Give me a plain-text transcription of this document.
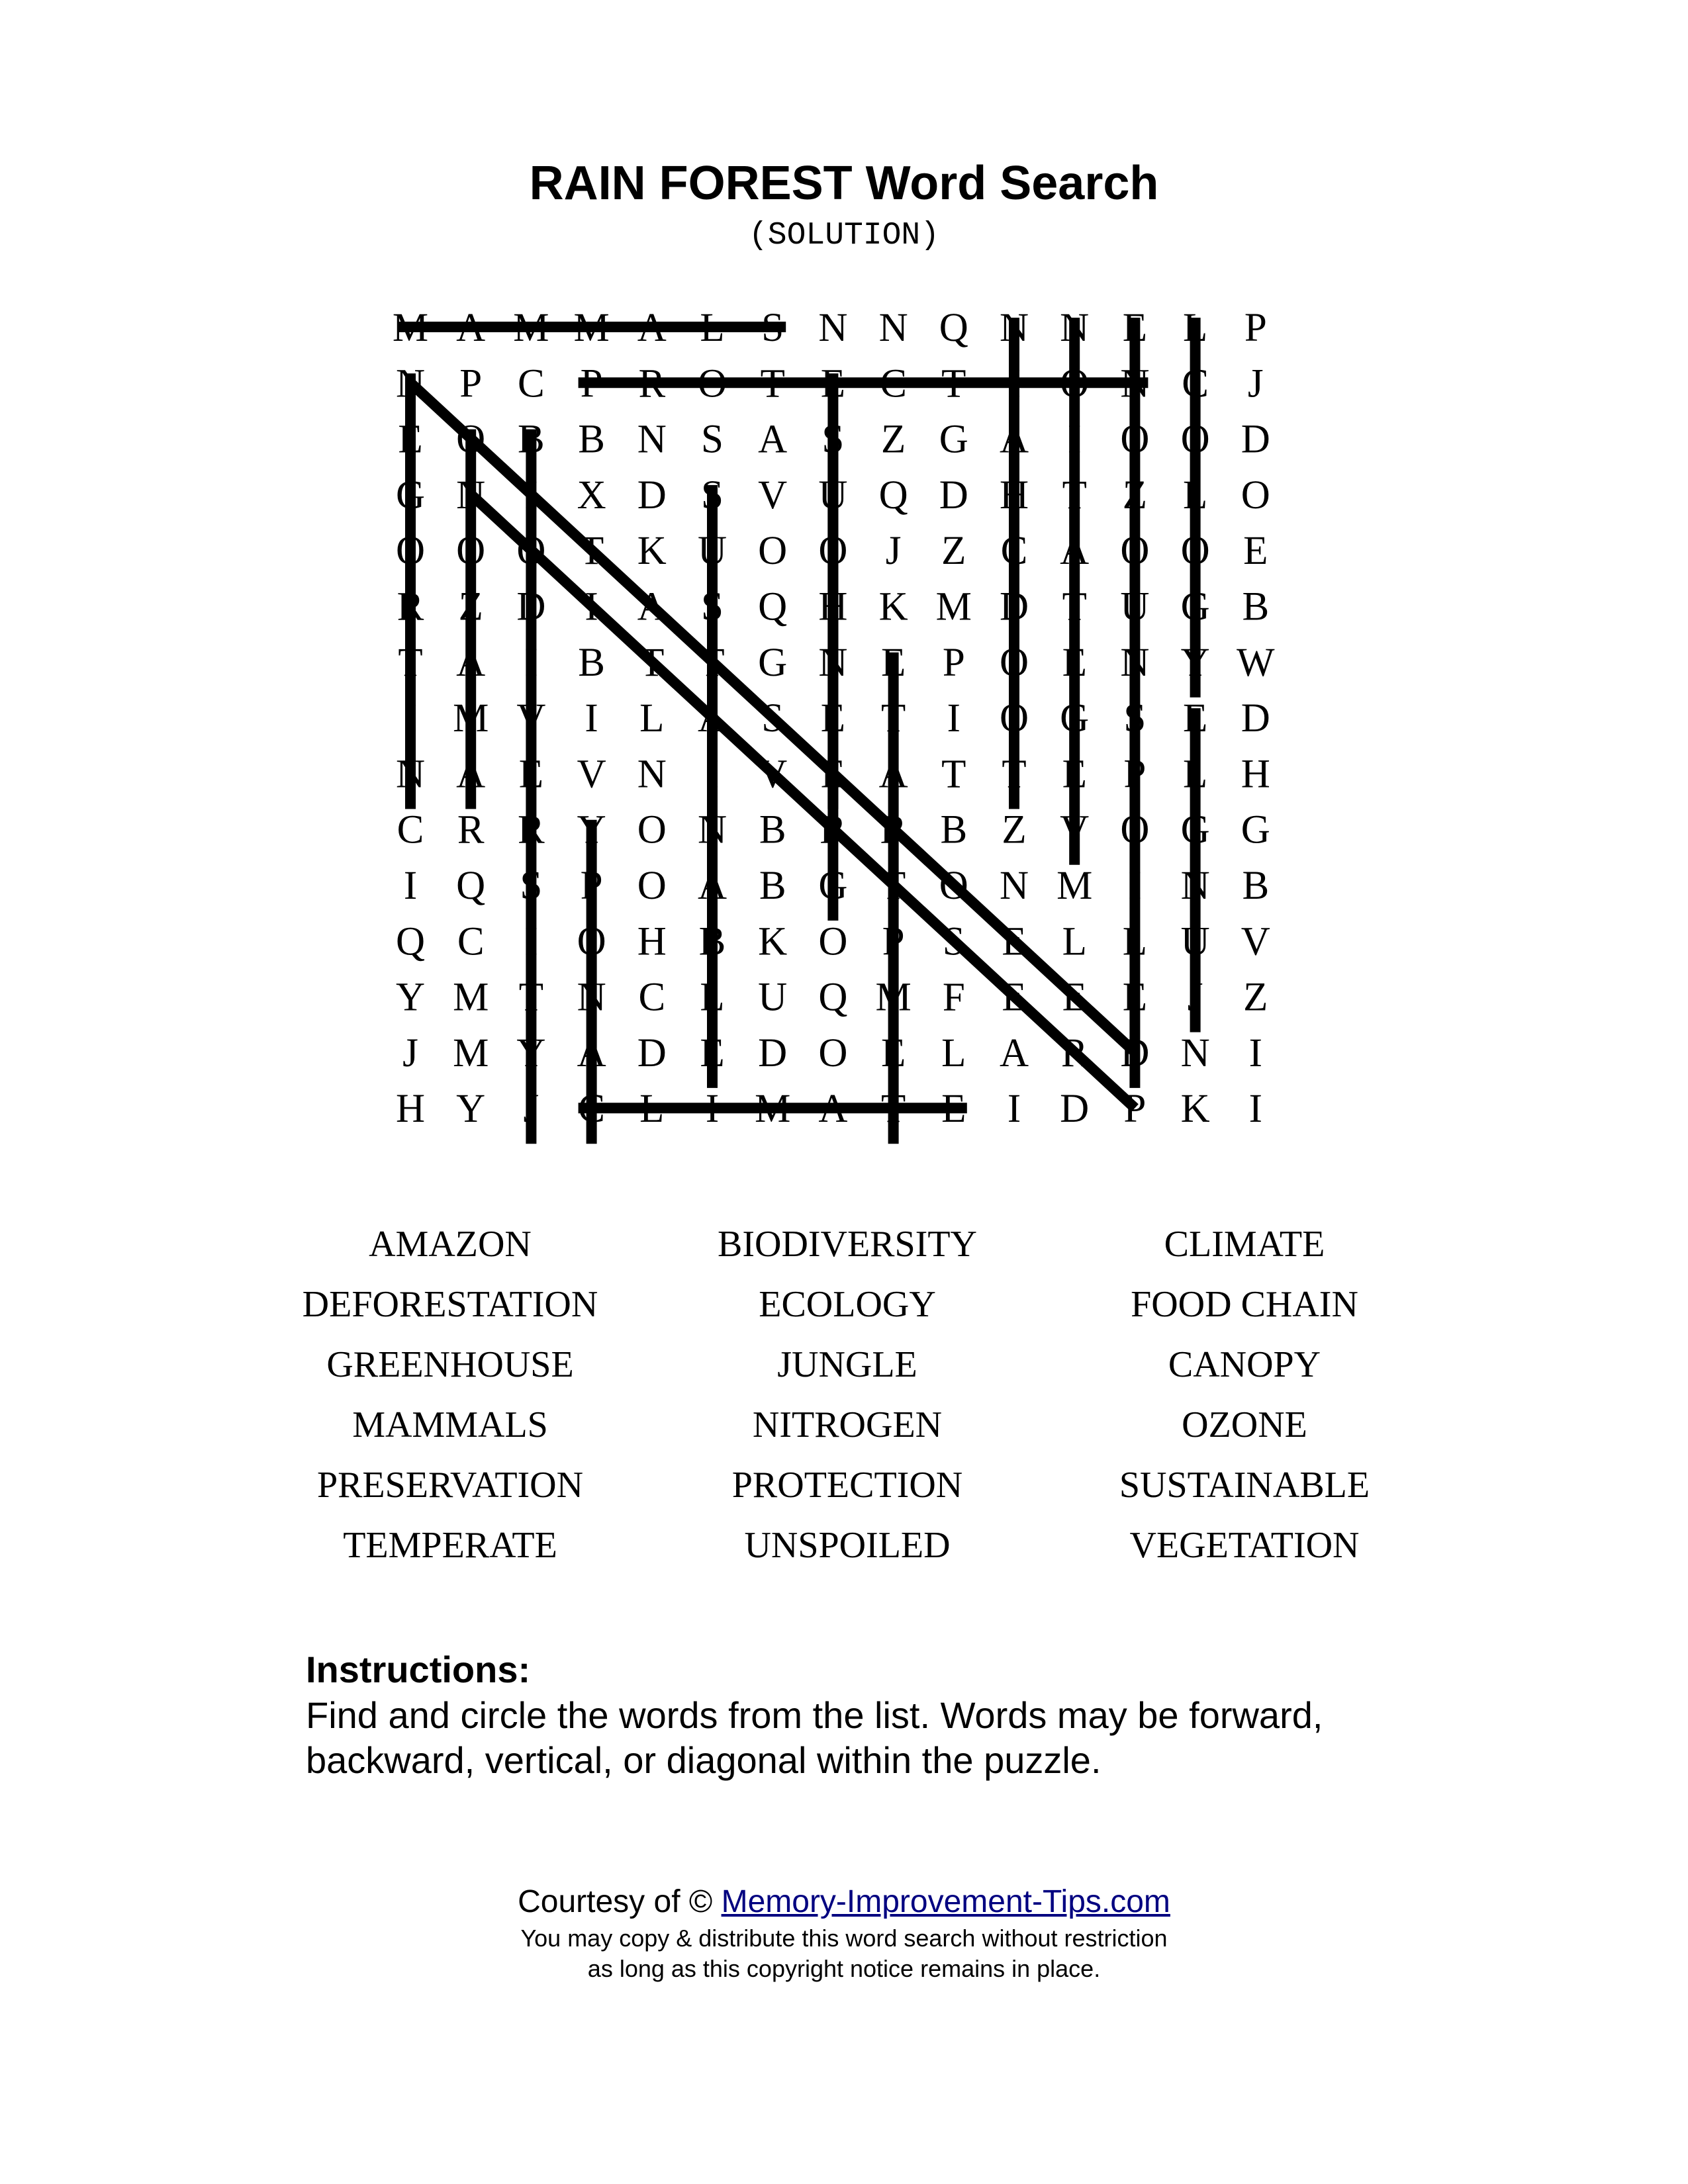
RAIN FOREST Word Search
(SOLUTION)
M A M M A L S N N Q N N E L P
N P C P R O T E C T I O N C J
E O B B N S A S Z G A I O O D
G N I X D S V U Q D H T Z L O
O O O T K U O O J Z C A O O E
R Z D I A S Q H K M D T U G B
T A I B T T G N E P O E N Y W
I M V I L A S E T I O G S E D
N A E V N I V E A T T E P L H
C R R Y O N B R R B Z V O G G
I Q S P O A B G T O N M I N B
Q C I O H B K O P S E L L U V
Y M T N C L U Q M F E E E J Z
J M Y A D E D O E L A R D N I
H Y J C L I M A T E I D P K I
AMAZON	BIODIVERSITY	CLIMATE
DEFORESTATION	ECOLOGY	FOOD CHAIN
GREENHOUSE	JUNGLE	CANOPY
MAMMALS	NITROGEN	OZONE
PRESERVATION	PROTECTION	SUSTAINABLE
TEMPERATE	UNSPOILED	VEGETATION
Instructions:
Find and circle the words from the list. Words may be forward, backward, vertical, or diagonal within the puzzle.
Courtesy of © Memory-Improvement-Tips.com
You may copy & distribute this word search without restriction
as long as this copyright notice remains in place.
